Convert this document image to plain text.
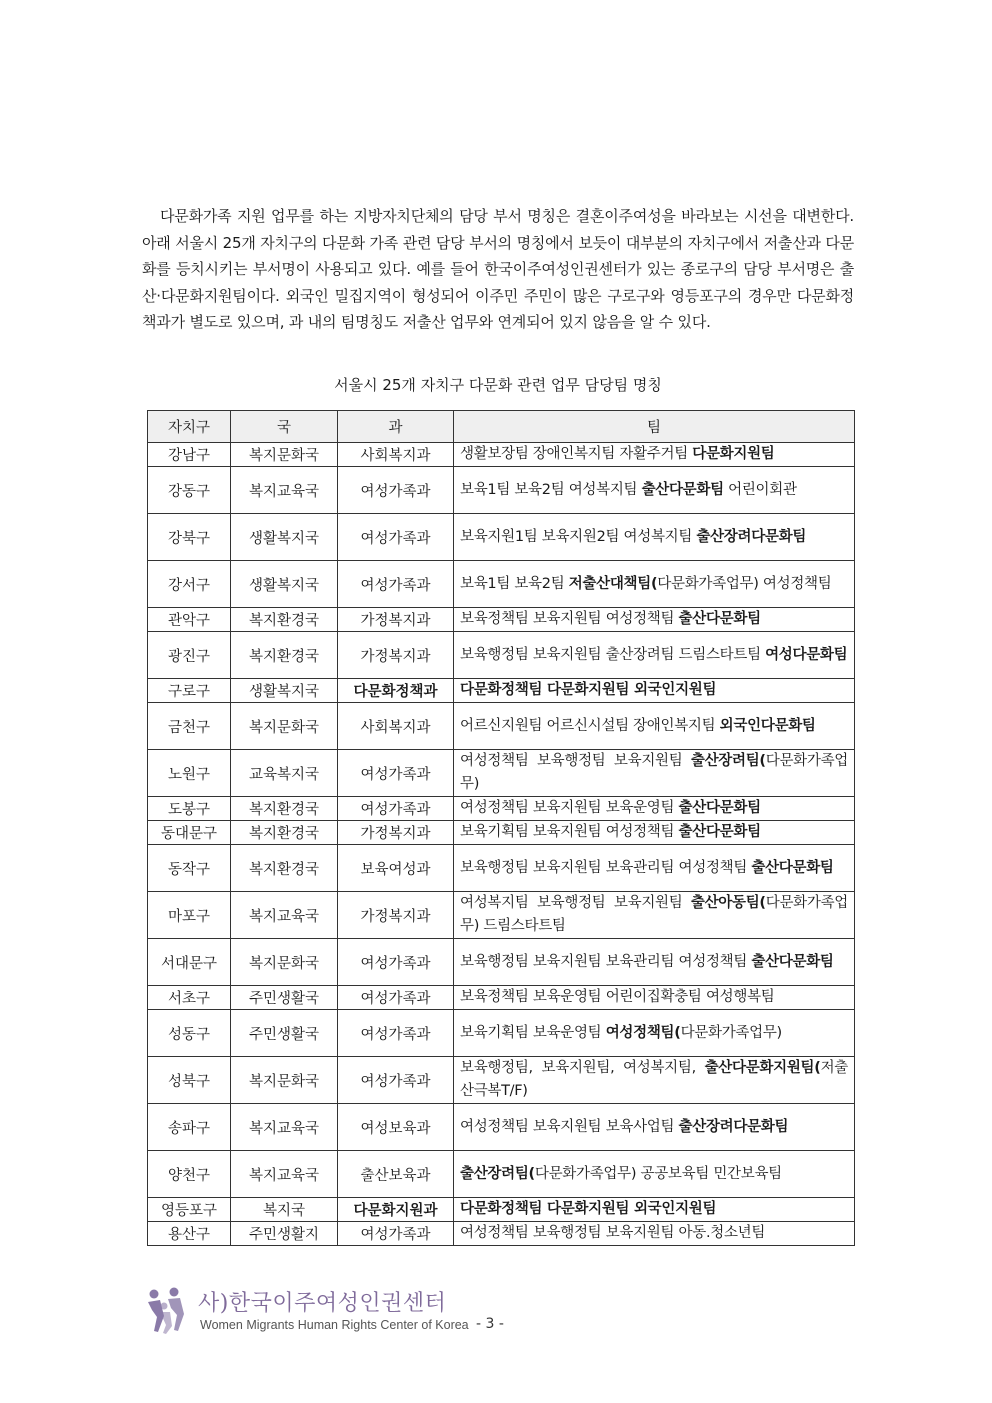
다문화가족 지원 업무를 하는 지방자치단체의 담당 부서 명칭은 결혼이주여성을 바라보는 시선을 대변한다. 아래 서울시 25개 자치구의 다문화 가족 관련 담당 부서의 명칭에서 보듯이 대부분의 자치구에서 저출산과 다문화를 등치시키는 부서명이 사용되고 있다. 예를 들어 한국이주여성인권센터가 있는 종로구의 담당 부서명은 출산·다문화지원팀이다. 외국인 밀집지역이 형성되어 이주민 주민이 많은 구로구와 영등포구의 경우만 다문화정책과가 별도로 있으며, 과 내의 팀명칭도 저출산 업무와 연계되어 있지 않음을 알 수 있다.

서울시 25개 자치구 다문화 관련 업무 담당팀 명칭
자치구	국	과	팀
강남구	복지문화국	사회복지과	생활보장팀 장애인복지팀 자활주거팀 다문화지원팀
강동구	복지교육국	여성가족과	보육1팀 보육2팀 여성복지팀 출산다문화팀 어린이회관
강북구	생활복지국	여성가족과	보육지원1팀 보육지원2팀 여성복지팀 출산장려다문화팀
강서구	생활복지국	여성가족과	보육1팀 보육2팀 저출산대책팀(다문화가족업무) 여성정책팀
관악구	복지환경국	가정복지과	보육정책팀 보육지원팀 여성정책팀 출산다문화팀
광진구	복지환경국	가정복지과	보육행정팀 보육지원팀 출산장려팀 드림스타트팀 여성다문화팀
구로구	생활복지국	다문화정책과	다문화정책팀 다문화지원팀 외국인지원팀
금천구	복지문화국	사회복지과	어르신지원팀 어르신시설팀 장애인복지팀 외국인다문화팀
노원구	교육복지국	여성가족과	여성정책팀 보육행정팀 보육지원팀 출산장려팀(다문화가족업무)
도봉구	복지환경국	여성가족과	여성정책팀 보육지원팀 보육운영팀 출산다문화팀
동대문구	복지환경국	가정복지과	보육기획팀 보육지원팀 여성정책팀 출산다문화팀
동작구	복지환경국	보육여성과	보육행정팀 보육지원팀 보육관리팀 여성정책팀 출산다문화팀
마포구	복지교육국	가정복지과	여성복지팀 보육행정팀 보육지원팀 출산아동팀(다문화가족업무) 드림스타트팀
서대문구	복지문화국	여성가족과	보육행정팀 보육지원팀 보육관리팀 여성정책팀 출산다문화팀
서초구	주민생활국	여성가족과	보육정책팀 보육운영팀 어린이집확충팀 여성행복팀
성동구	주민생활국	여성가족과	보육기획팀 보육운영팀 여성정책팀(다문화가족업무)
성북구	복지문화국	여성가족과	보육행정팀, 보육지원팀, 여성복지팀, 출산다문화지원팀(저출산극복T/F)
송파구	복지교육국	여성보육과	여성정책팀 보육지원팀 보육사업팀 출산장려다문화팀
양천구	복지교육국	출산보육과	출산장려팀(다문화가족업무) 공공보육팀 민간보육팀
영등포구	복지국	다문화지원과	다문화정책팀 다문화지원팀 외국인지원팀
용산구	주민생활지	여성가족과	여성정책팀 보육행정팀 보육지원팀 아동.청소년팀
사)한국이주여성인권센터
Women Migrants Human Rights Center of Korea - 3 -
